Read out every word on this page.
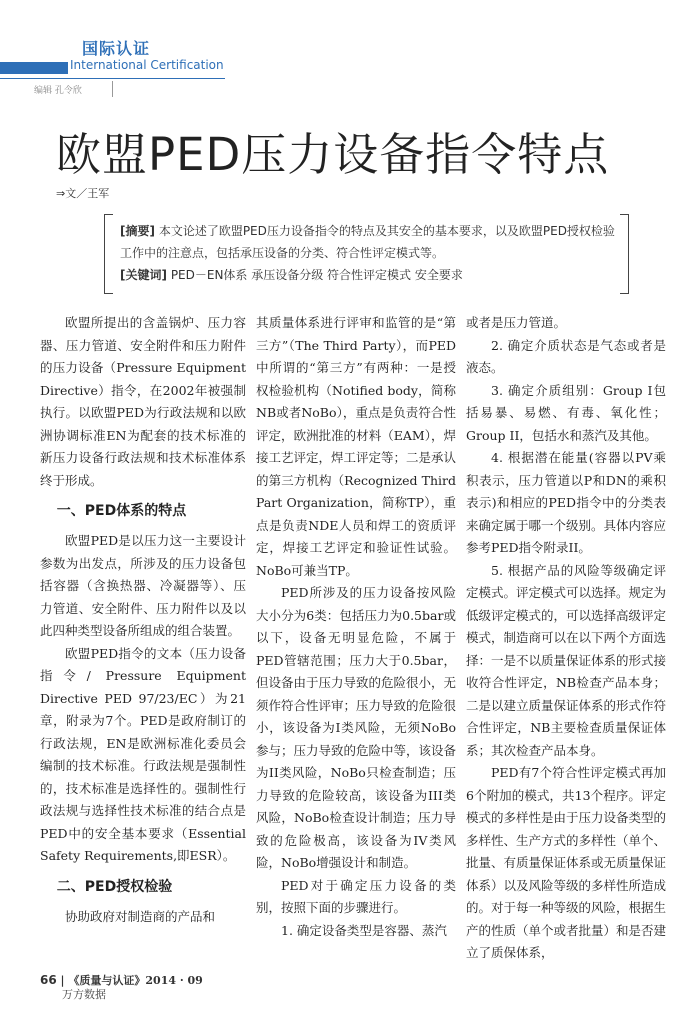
国际认证
International Certification
编辑 孔令欣
欧盟PED压力设备指令特点
⇒文／王军

[摘要] 本文论述了欧盟PED压力设备指令的特点及其安全的基本要求，以及欧盟PED授权检验工作中的注意点，包括承压设备的分类、符合性评定模式等。

[关键词] PED－EN体系 承压设备分级 符合性评定模式 安全要求

欧盟所提出的含盖锅炉、压力容器、压力管道、安全附件和压力附件的压力设备（Pressure Equipment Directive）指令，在2002年被强制执行。以欧盟PED为行政法规和以欧洲协调标准EN为配套的技术标准的新压力设备行政法规和技术标准体系终于形成。

一、PED体系的特点

欧盟PED是以压力这一主要设计参数为出发点，所涉及的压力设备包括容器（含换热器、冷凝器等）、压力管道、安全附件、压力附件以及以此四种类型设备所组成的组合装置。

欧盟PED指令的文本（压力设备指令/ Pressure Equipment Directive PED 97/23/EC）为21章，附录为7个。PED是政府制订的行政法规，EN是欧洲标准化委员会编制的技术标准。行政法规是强制性的，技术标准是选择性的。强制性行政法规与选择性技术标准的结合点是PED中的安全基本要求（Essential Safety Requirements,即ESR）。

二、PED授权检验

协助政府对制造商的产品和

其质量体系进行评审和监管的是“第三方”（The Third Party），而PED中所谓的“第三方”有两种：一是授权检验机构（Notified body，简称NB或者NoBo），重点是负责符合性评定，欧洲批准的材料（EAM），焊接工艺评定，焊工评定等；二是承认的第三方机构（Recognized Third Part Organization，简称TP），重点是负责NDE人员和焊工的资质评定，焊接工艺评定和验证性试验。NoBo可兼当TP。

PED所涉及的压力设备按风险大小分为6类：包括压力为0.5bar或以下，设备无明显危险，不属于PED管辖范围；压力大于0.5bar，但设备由于压力导致的危险很小，无须作符合性评审；压力导致的危险很小，该设备为I类风险，无须NoBo参与；压力导致的危险中等，该设备为II类风险，NoBo只检查制造；压力导致的危险较高，该设备为III类风险，NoBo检查设计制造；压力导致的危险极高，该设备为IV类风险，NoBo增强设计和制造。

PED对于确定压力设备的类别，按照下面的步骤进行。

1. 确定设备类型是容器、蒸汽

或者是压力管道。

2. 确定介质状态是气态或者是液态。

3. 确定介质组别：Group I包括易暴、易燃、有毒、氧化性；Group II，包括水和蒸汽及其他。

4. 根据潜在能量(容器以PV乘积表示，压力管道以P和DN的乘积表示)和相应的PED指令中的分类表来确定属于哪一个级别。具体内容应参考PED指令附录II。

5. 根据产品的风险等级确定评定模式。评定模式可以选择。规定为低级评定模式的，可以选择高级评定模式，制造商可以在以下两个方面选择：一是不以质量保证体系的形式接收符合性评定，NB检查产品本身；二是以建立质量保证体系的形式作符合性评定，NB主要检查质量保证体系；其次检查产品本身。

PED有7个符合性评定模式再加6个附加的模式，共13个程序。评定模式的多样性是由于压力设备类型的多样性、生产方式的多样性（单个、批量、有质量保证体系或无质量保证体系）以及风险等级的多样性所造成的。对于每一种等级的风险，根据生产的性质（单个或者批量）和是否建立了质保体系，

66 | 《质量与认证》2014 · 09
万方数据
